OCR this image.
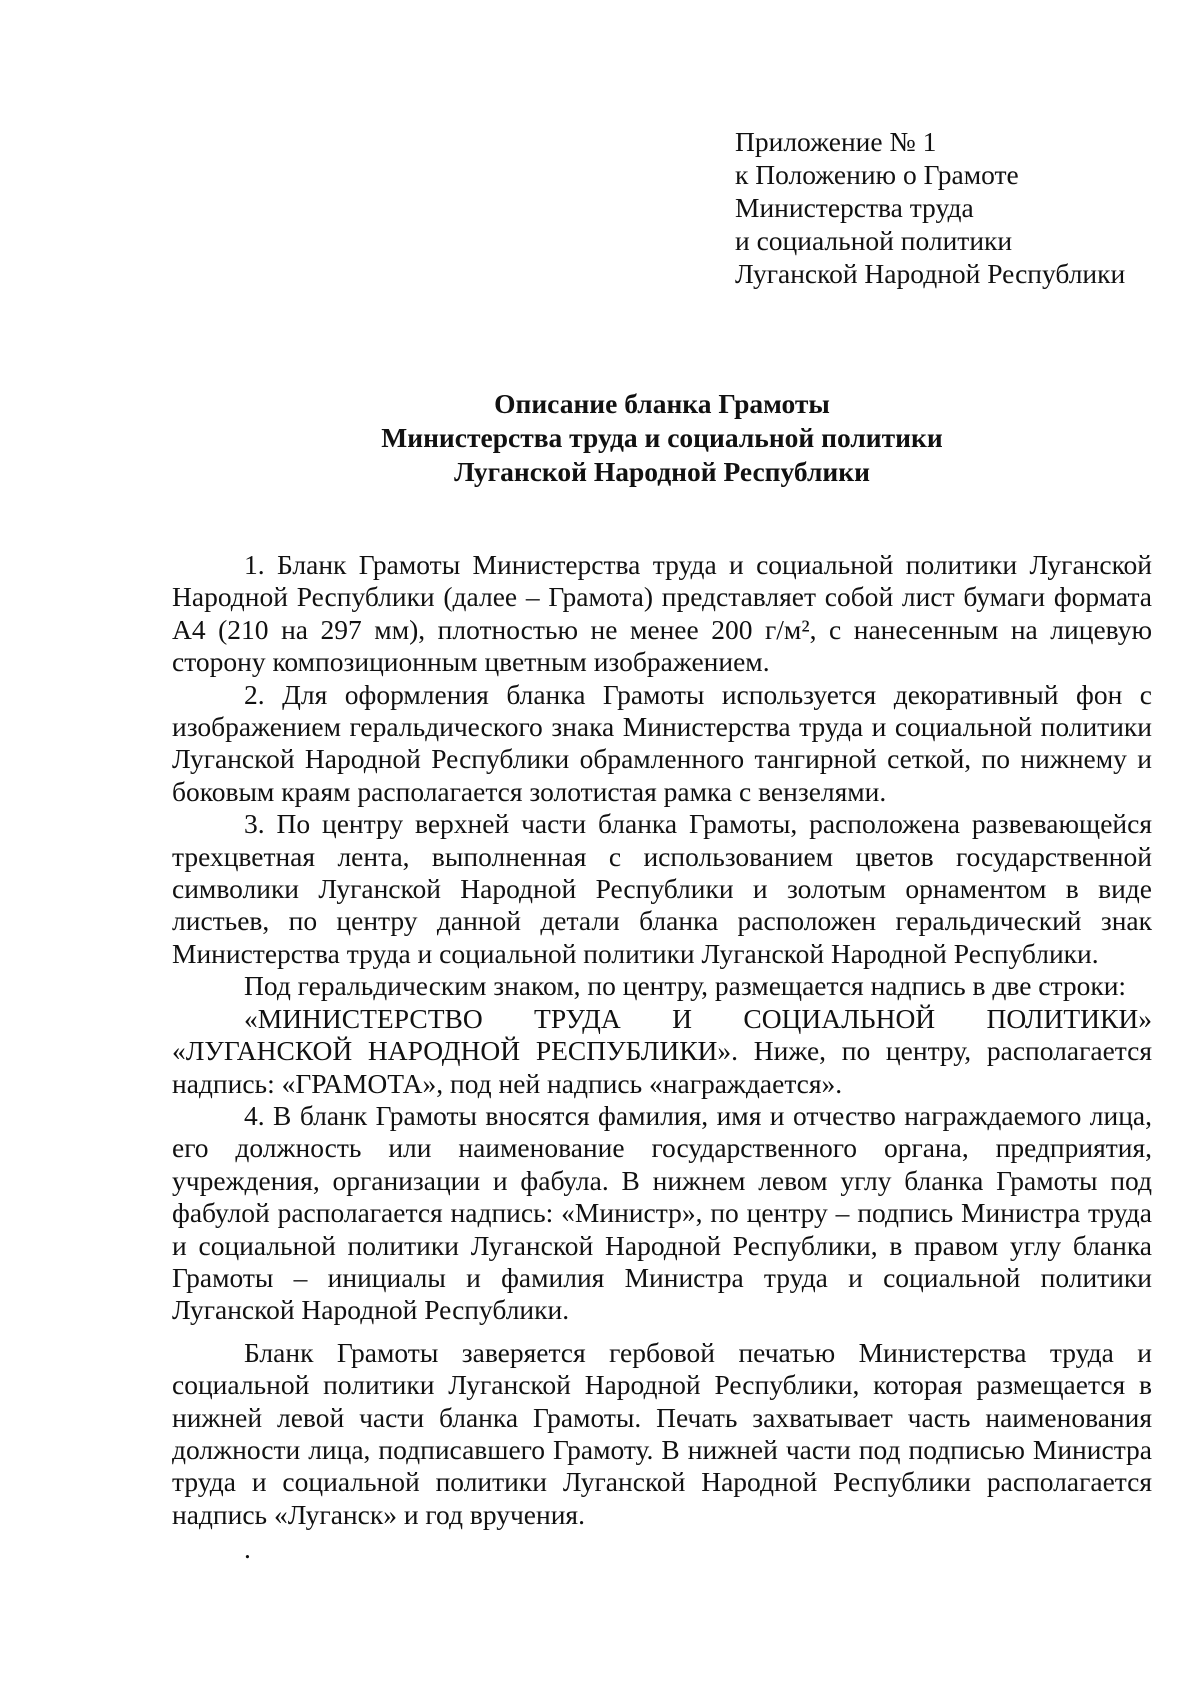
Приложение № 1
к Положению о Грамоте
Министерства труда
и социальной политики
Луганской Народной Республики
Описание бланка Грамоты
Министерства труда и социальной политики
Луганской Народной Республики

1. Бланк Грамоты Министерства труда и социальной политики Луганской Народной Республики (далее – Грамота) представляет собой лист бумаги формата А4 (210 на 297 мм), плотностью не менее 200 г/м², с нанесенным на лицевую сторону композиционным цветным изображением.

2. Для оформления бланка Грамоты используется декоративный фон с изображением геральдического знака Министерства труда и социальной политики Луганской Народной Республики обрамленного тангирной сеткой, по нижнему и боковым краям располагается золотистая рамка с вензелями.

3. По центру верхней части бланка Грамоты, расположена развевающейся трехцветная лента, выполненная с использованием цветов государственной символики Луганской Народной Республики и золотым орнаментом в виде листьев, по центру данной детали бланка расположен геральдический знак Министерства труда и социальной политики Луганской Народной Республики.

Под геральдическим знаком, по центру, размещается надпись в две строки:

«МИНИСТЕРСТВО ТРУДА И СОЦИАЛЬНОЙ ПОЛИТИКИ» «ЛУГАНСКОЙ НАРОДНОЙ РЕСПУБЛИКИ». Ниже, по центру, располагается надпись: «ГРАМОТА», под ней надпись «награждается».

4. В бланк Грамоты вносятся фамилия, имя и отчество награждаемого лица, его должность или наименование государственного органа, предприятия, учреждения, организации и фабула. В нижнем левом углу бланка Грамоты под фабулой располагается надпись: «Министр», по центру – подпись Министра труда и социальной политики Луганской Народной Республики, в правом углу бланка Грамоты – инициалы и фамилия Министра труда и социальной политики Луганской Народной Республики.

Бланк Грамоты заверяется гербовой печатью Министерства труда и социальной политики Луганской Народной Республики, которая размещается в нижней левой части бланка Грамоты. Печать захватывает часть наименования должности лица, подписавшего Грамоту. В нижней части под подписью Министра труда и социальной политики Луганской Народной Республики располагается надпись «Луганск» и год вручения.

.
